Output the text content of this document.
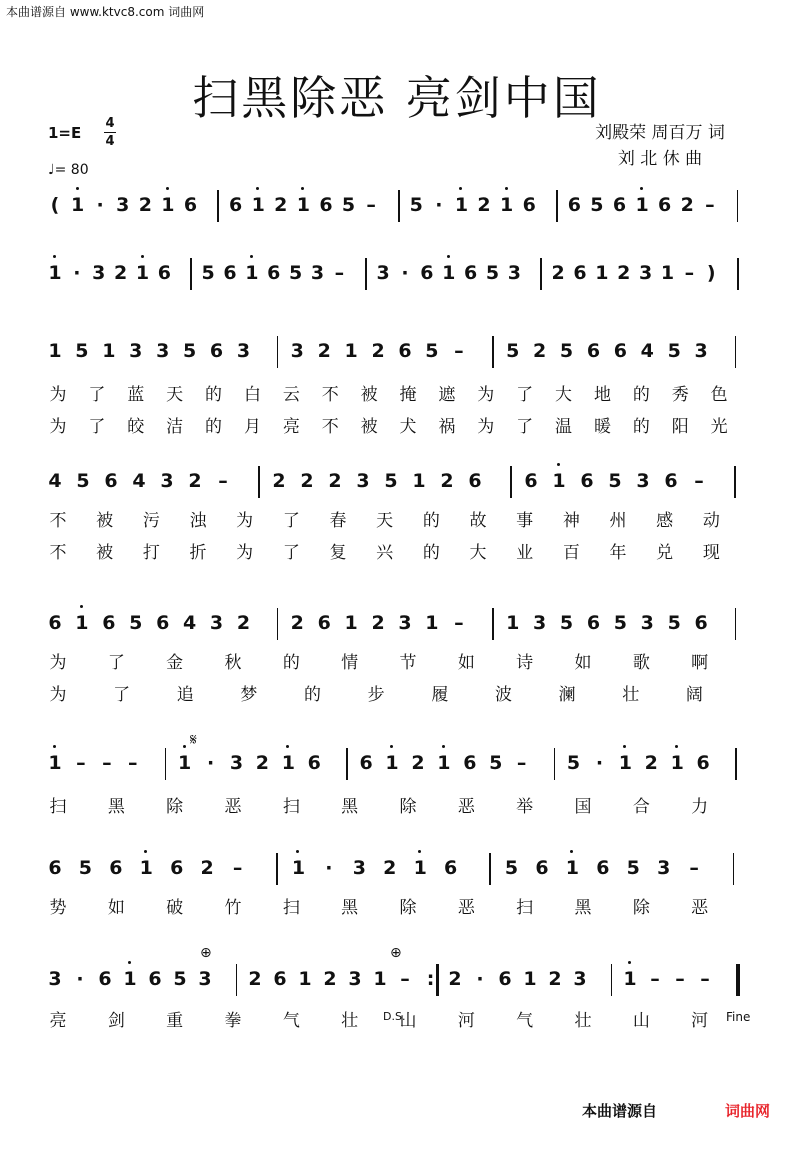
本曲谱源自 www.ktvc8.com 词曲网
扫黑除恶 亮剑中国
1=E
4
4
♩= 80
刘殿荣 周百万 词
刘 北 休 曲
( 1 · 3 2 1 6 6 1 2 1 6 5 – 5 · 1 2 1 6 6 5 6 1 6 2 –
1 · 3 2 1 6 5 6 1 6 5 3 – 3 · 6 1 6 5 3 2 6 1 2 3 1 – )
1 5 1 3 3 5 6 3 3 2 1 2 6 5 – 5 2 5 6 6 4 5 3
4 5 6 4 3 2 – 2 2 2 3 5 1 2 6 6 1 6 5 3 6 –
6 1 6 5 6 4 3 2 2 6 1 2 3 1 – 1 3 5 6 5 3 5 6
1 – – – 1 · 3 2 1 6 6 1 2 1 6 5 – 5 · 1 2 1 6
6 5 6 1 6 2 –	1 · 3 2 1 6	5 6 1 6 5 3 –
3 · 6 1 6 5 3 2 6 1 2 3 1 – : 2 · 6 1 2 3 1 – – –
𝄋
⊕	⊕
D.S.	Fine
本曲谱源自	词曲网
为 了 蓝 天 的 白 云 不 被 掩 遮 为 了 大 地 的 秀 色
为 了 皎 洁 的 月 亮 不 被 犬 祸 为 了 温 暖 的 阳 光
不 被 污 浊 为 了 春 天 的 故 事 神 州 感 动
不 被 打 折 为 了 复 兴 的 大 业 百 年 兑 现
为 了 金 秋 的 情 节 如 诗 如 歌 啊
为	了	追	梦	的	步	履	波	澜	壮	阔
扫 黑 除 恶 扫 黑 除 恶 举 国 合 力
势 如 破 竹 扫 黑 除 恶 扫 黑 除 恶
亮 剑 重 拳 气 壮 山 河 气 壮 山 河
